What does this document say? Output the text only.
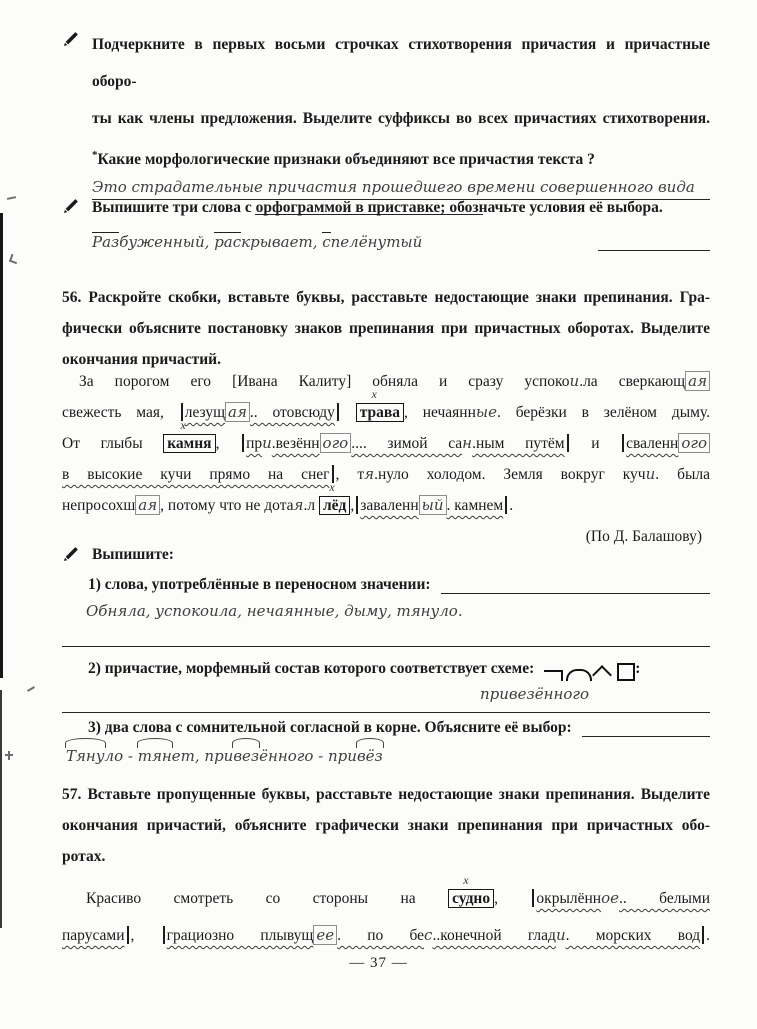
Подчеркните в первых восьми строчках стихотворения причастия и причастные оборо-
ты как члены предложения. Выделите суффиксы во всех причастиях стихотворения.
*Какие морфологические признаки объединяют все причастия текста ?
Это страдательные причастия прошедшего времени совершенного вида
Выпишите три слова с орфограммой в приставке; обозначьте условия её выбора.
Разбуженный, раскрывает, спелёнутый
56. Раскройте скобки, вставьте буквы, расставьте недостающие знаки препинания. Гра-
фически объясните постановку знаков препинания при причастных оборотах. Выделите
окончания причастий.
За порогом его [Ивана Калиту] обняла и сразу успокои.ла сверкающ ая
свежесть мая, лезущ ая .. отовсюду
х
трава , нечаянные. берёзки в зелёном дыму.
От глыбы
х
камня , при.везённ ого .... зимой сан.ным путём и сваленн ого
в высокие кучи прямо на снег , тя.нуло холодом. Земля вокруг кучи. была
непросохш ая , потому что не дотая.л
х
лёд , заваленн ый . камнем .
(По Д. Балашову)
Выпишите:
1) слова, употреблённые в переносном значении:
Обняла, успокоила, нечаянные, дыму, тянуло.
2) причастие, морфемный состав которого соответствует схеме:	:
привезённого
3) два слова с сомнительной согласной в корне. Объясните её выбор:
Тянуло - тянет, привезённого - привёз
57. Вставьте пропущенные буквы, расставьте недостающие знаки препинания. Выделите
окончания причастий, объясните графически знаки препинания при причастных обо-
ротах.
Красиво смотреть со стороны на
х
судно , окрылённое.. белыми
парусами , грациозно плывущ ее . по бес..конечной глади. морских вод .
— 37 —
